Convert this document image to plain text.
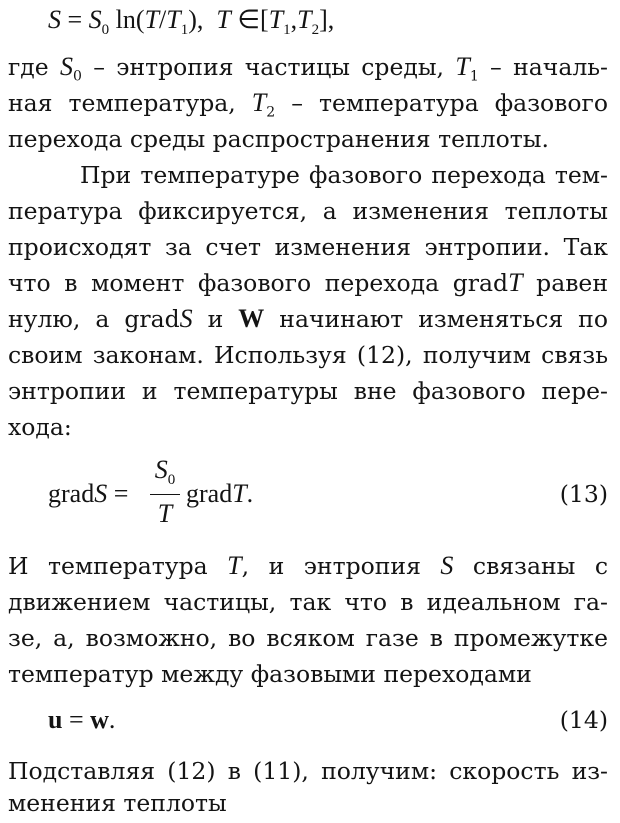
$S = S_0$ $\ln(T/T_1)$,  T $\in[T_1,T_2]$,
где $S_0$ – энтропия частицы среды, $T_1$ – началь-
ная температура, $T_2$ – температура фазового
перехода среды распространения теплоты.
При температуре фазового перехода тем-
пература фиксируется, а изменения теплоты
происходят за счет изменения энтропии. Так
что в момент фазового перехода gradT равен
нулю, а gradS и W начинают изменяться по
своим законам. Используя (12), получим связь
энтропии и температуры вне фазового пере-
хода:
gradS =
$S_0$
T
gradT.	(13)
И температура T, и энтропия S связаны с
движением частицы, так что в идеальном га-
зе, а, возможно, во всяком газе в промежутке
температур между фазовыми переходами
u = w.	(14)
Подставляя (12) в (11), получим: скорость из-
менения теплоты
